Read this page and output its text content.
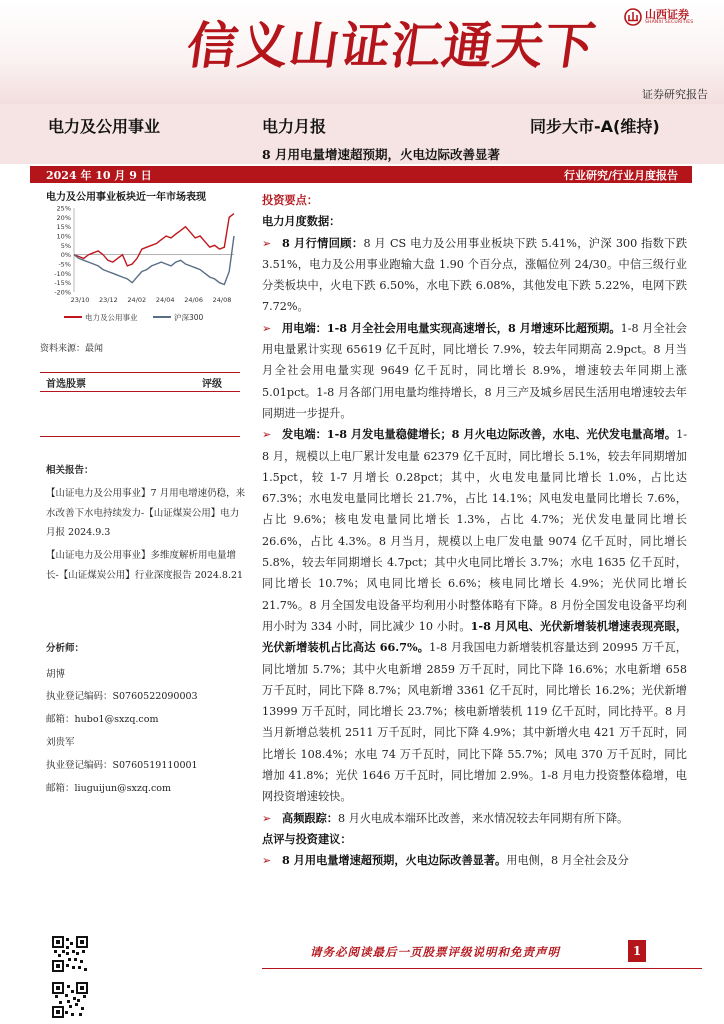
信义山证汇通天下
山西证券
SHANXI SECURITIES
证券研究报告
电力及公用事业	电力月报	同步大市-A(维持)
8 月用电量增速超预期，火电边际改善显著
2024 年 10 月 9 日	行业研究/行业月度报告
电力及公用事业板块近一年市场表现
25%
20%
15%
10%
5%
0%
-5%
-10%
-15%
-20%
23/10 23/12 24/02 24/04 24/06 24/08
电力及公用事业	沪深300
资料来源：最闻
首选股票	评级
相关报告：
【山证电力及公用事业】7 月用电增速仍稳，来水改善下水电持续发力-【山证煤炭公用】电力月报 2024.9.3
【山证电力及公用事业】多维度解析用电量增长-【山证煤炭公用】行业深度报告 2024.8.21
分析师：
胡博
执业登记编码：S0760522090003
邮箱：hubo1@sxzq.com
刘贵军
执业登记编码：S0760519110001
邮箱：liuguijun@sxzq.com

投资要点：

电力月度数据：

➢ 8 月行情回顾：8 月 CS 电力及公用事业板块下跌 5.41%，沪深 300 指数下跌 3.51%，电力及公用事业跑输大盘 1.90 个百分点，涨幅位列 24/30。中信三级行业分类板块中，火电下跌 6.50%，水电下跌 6.08%，其他发电下跌 5.22%，电网下跌 7.72%。

➢ 用电端：1-8 月全社会用电量实现高速增长，8 月增速环比超预期。1-8 月全社会用电量累计实现 65619 亿千瓦时，同比增长 7.9%，较去年同期高 2.9pct。8 月当月全社会用电量实现 9649 亿千瓦时，同比增长 8.9%，增速较去年同期上涨 5.01pct。1-8 月各部门用电量均维持增长，8 月三产及城乡居民生活用电增速较去年同期进一步提升。

➢ 发电端：1-8 月发电量稳健增长；8 月火电边际改善，水电、光伏发电量高增。1-8 月，规模以上电厂累计发电量 62379 亿千瓦时，同比增长 5.1%，较去年同期增加 1.5pct，较 1-7 月增长 0.28pct；其中，火电发电量同比增长 1.0%，占比达 67.3%；水电发电量同比增长 21.7%，占比 14.1%；风电发电量同比增长 7.6%，占比 9.6%；核电发电量同比增长 1.3%，占比 4.7%；光伏发电量同比增长 26.6%，占比 4.3%。8 月当月，规模以上电厂发电量 9074 亿千瓦时，同比增长 5.8%，较去年同期增长 4.7pct；其中火电同比增长 3.7%；水电 1635 亿千瓦时，同比增长 10.7%；风电同比增长 6.6%；核电同比增长 4.9%；光伏同比增长 21.7%。8 月全国发电设备平均利用小时整体略有下降。8 月份全国发电设备平均利用小时为 334 小时，同比减少 10 小时。1-8 月风电、光伏新增装机增速表现亮眼，光伏新增装机占比高达 66.7%。1-8 月我国电力新增装机容量达到 20995 万千瓦，同比增加 5.7%；其中火电新增 2859 万千瓦时，同比下降 16.6%；水电新增 658 万千瓦时，同比下降 8.7%；风电新增 3361 亿千瓦时，同比增长 16.2%；光伏新增 13999 万千瓦时，同比增长 23.7%；核电新增装机 119 亿千瓦时，同比持平。8 月当月新增总装机 2511 万千瓦时，同比下降 4.9%；其中新增火电 421 万千瓦时，同比增长 108.4%；水电 74 万千瓦时，同比下降 55.7%；风电 370 万千瓦时，同比增加 41.8%；光伏 1646 万千瓦时，同比增加 2.9%。1-8 月电力投资整体稳增，电网投资增速较快。

➢ 高频跟踪：8 月火电成本端环比改善，来水情况较去年同期有所下降。

点评与投资建议：

➢ 8 月用电量增速超预期，火电边际改善显著。用电侧，8 月全社会及分

请务必阅读最后一页股票评级说明和免责声明	1
